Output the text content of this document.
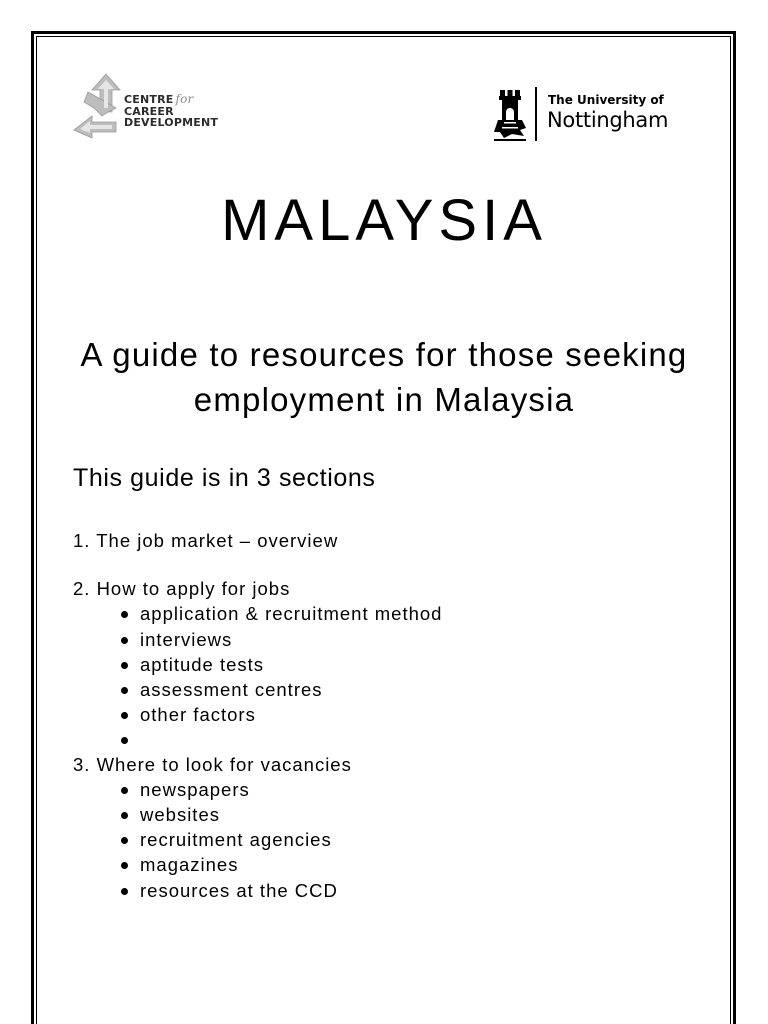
CENTRE for
CAREER
DEVELOPMENT
The University of
Nottingham
MALAYSIA
A guide to resources for those seeking employment in Malaysia

This guide is in 3 sections

1. The job market – overview
2. How to apply for jobs
application & recruitment method
interviews
aptitude tests
assessment centres
other factors
3. Where to look for vacancies
newspapers
websites
recruitment agencies
magazines
resources at the CCD
